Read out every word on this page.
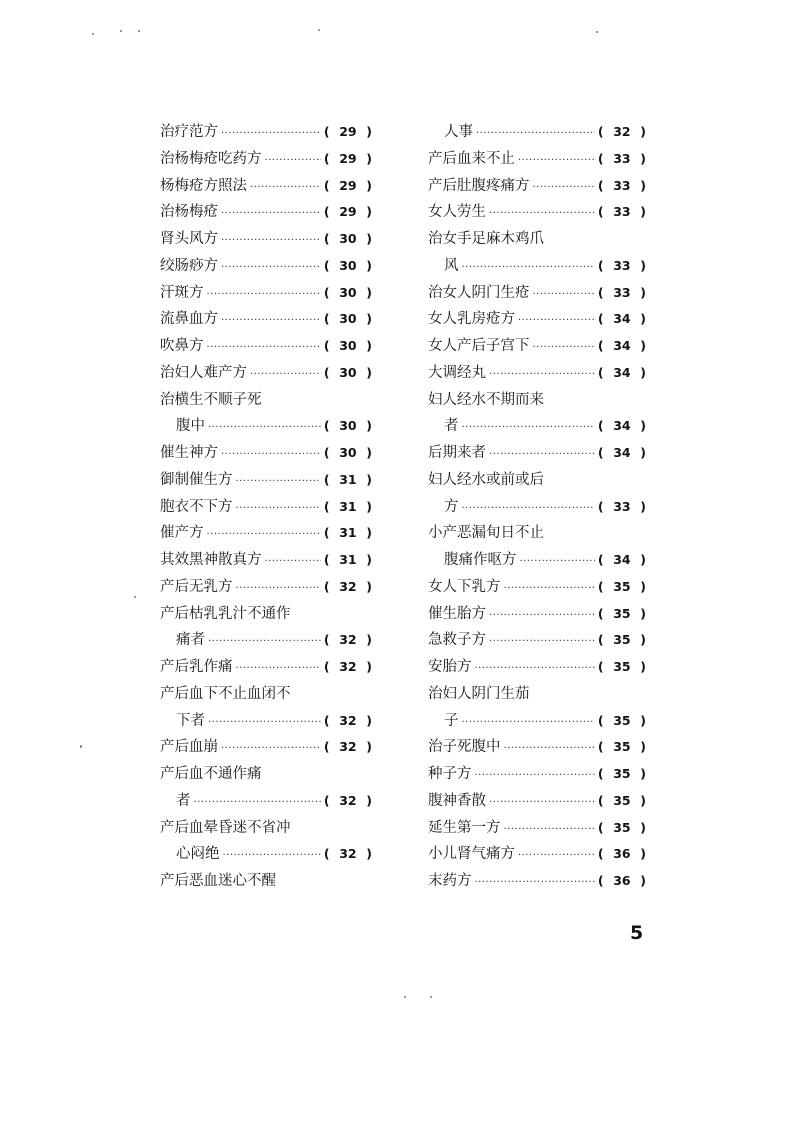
治疗范方 ·····	( 29 )
治杨梅疮吃药方 ·····	( 29 )
杨梅疮方照法 ·····	( 29 )
治杨梅疮 ·····	( 29 )
肾头风方 ·····	( 30 )
绞肠痧方 ·····	( 30 )
汗斑方 ·····	( 30 )
流鼻血方 ·····	( 30 )
吹鼻方 ·····	( 30 )
治妇人难产方 ·····	( 30 )
治横生不顺子死
腹中 ·····	( 30 )
催生神方 ·····	( 30 )
御制催生方 ·····	( 31 )
胞衣不下方 ·····	( 31 )
催产方 ·····	( 31 )
其效黑神散真方 ·····	( 31 )
产后无乳方 ·····	( 32 )
产后枯乳乳汁不通作
痛者 ·····	( 32 )
产后乳作痛 ·····	( 32 )
产后血下不止血闭不
下者 ·····	( 32 )
产后血崩 ·····	( 32 )
产后血不通作痛
者 ·····	( 32 )
产后血晕昏迷不省冲
心闷绝 ·····	( 32 )
产后恶血迷心不醒
人事 ·····	( 32 )
产后血来不止 ·····	( 33 )
产后肚腹疼痛方 ·····	( 33 )
女人劳生 ·····	( 33 )
治女手足麻木鸡爪
风 ·····	( 33 )
治女人阴门生疮 ·····	( 33 )
女人乳房疮方 ·····	( 34 )
女人产后子宫下 ·····	( 34 )
大调经丸 ·····	( 34 )
妇人经水不期而来
者 ·····	( 34 )
后期来者 ·····	( 34 )
妇人经水或前或后
方 ·····	( 33 )
小产恶漏旬日不止
腹痛作呕方 ·····	( 34 )
女人下乳方 ·····	( 35 )
催生胎方 ·····	( 35 )
急救子方 ·····	( 35 )
安胎方 ·····	( 35 )
治妇人阴门生茄
子 ·····	( 35 )
治子死腹中 ·····	( 35 )
种子方 ·····	( 35 )
腹神香散 ·····	( 35 )
延生第一方 ·····	( 35 )
小儿肾气痛方 ·····	( 36 )
末药方 ·····	( 36 )
5
